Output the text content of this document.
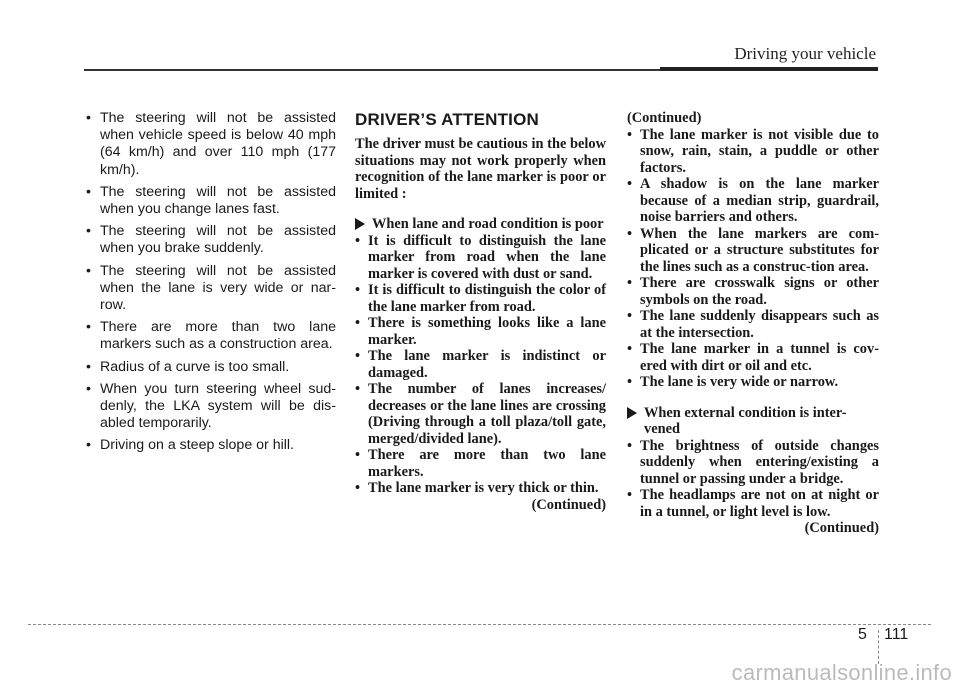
Driving your vehicle
• The steering will not be assisted when vehicle speed is below 40 mph (64 km/h) and over 110 mph (177 km/h).
• The steering will not be assisted when you change lanes fast.
• The steering will not be assisted when you brake suddenly.
• The steering will not be assisted when the lane is very wide or nar-row.
• There are more than two lane markers such as a construction area.
• Radius of a curve is too small.
• When you turn steering wheel sud-denly, the LKA system will be dis-abled temporarily.
• Driving on a steep slope or hill.
DRIVER’S ATTENTION
The driver must be cautious in the below situations may not work properly when recognition of the lane marker is poor or limited :
When lane and road condition is poor
• It is difficult to distinguish the lane marker from road when the lane marker is covered with dust or sand.
• It is difficult to distinguish the color of the lane marker from road.
• There is something looks like a lane marker.
• The lane marker is indistinct or damaged.
• The number of lanes increases/ decreases or the lane lines are crossing (Driving through a toll plaza/toll gate, merged/divided lane).
• There are more than two lane markers.
• The lane marker is very thick or thin.
(Continued)
(Continued)
• The lane marker is not visible due to snow, rain, stain, a puddle or other factors.
• A shadow is on the lane marker because of a median strip, guardrail, noise barriers and others.
• When the lane markers are com-plicated or a structure substitutes for the lines such as a construc-tion area.
• There are crosswalk signs or other symbols on the road.
• The lane suddenly disappears such as at the intersection.
• The lane marker in a tunnel is cov-ered with dirt or oil and etc.
• The lane is very wide or narrow.
When external condition is inter-vened
• The brightness of outside changes suddenly when entering/existing a tunnel or passing under a bridge.
• The headlamps are not on at night or in a tunnel, or light level is low.
(Continued)
5 111
carmanualsonline.info
